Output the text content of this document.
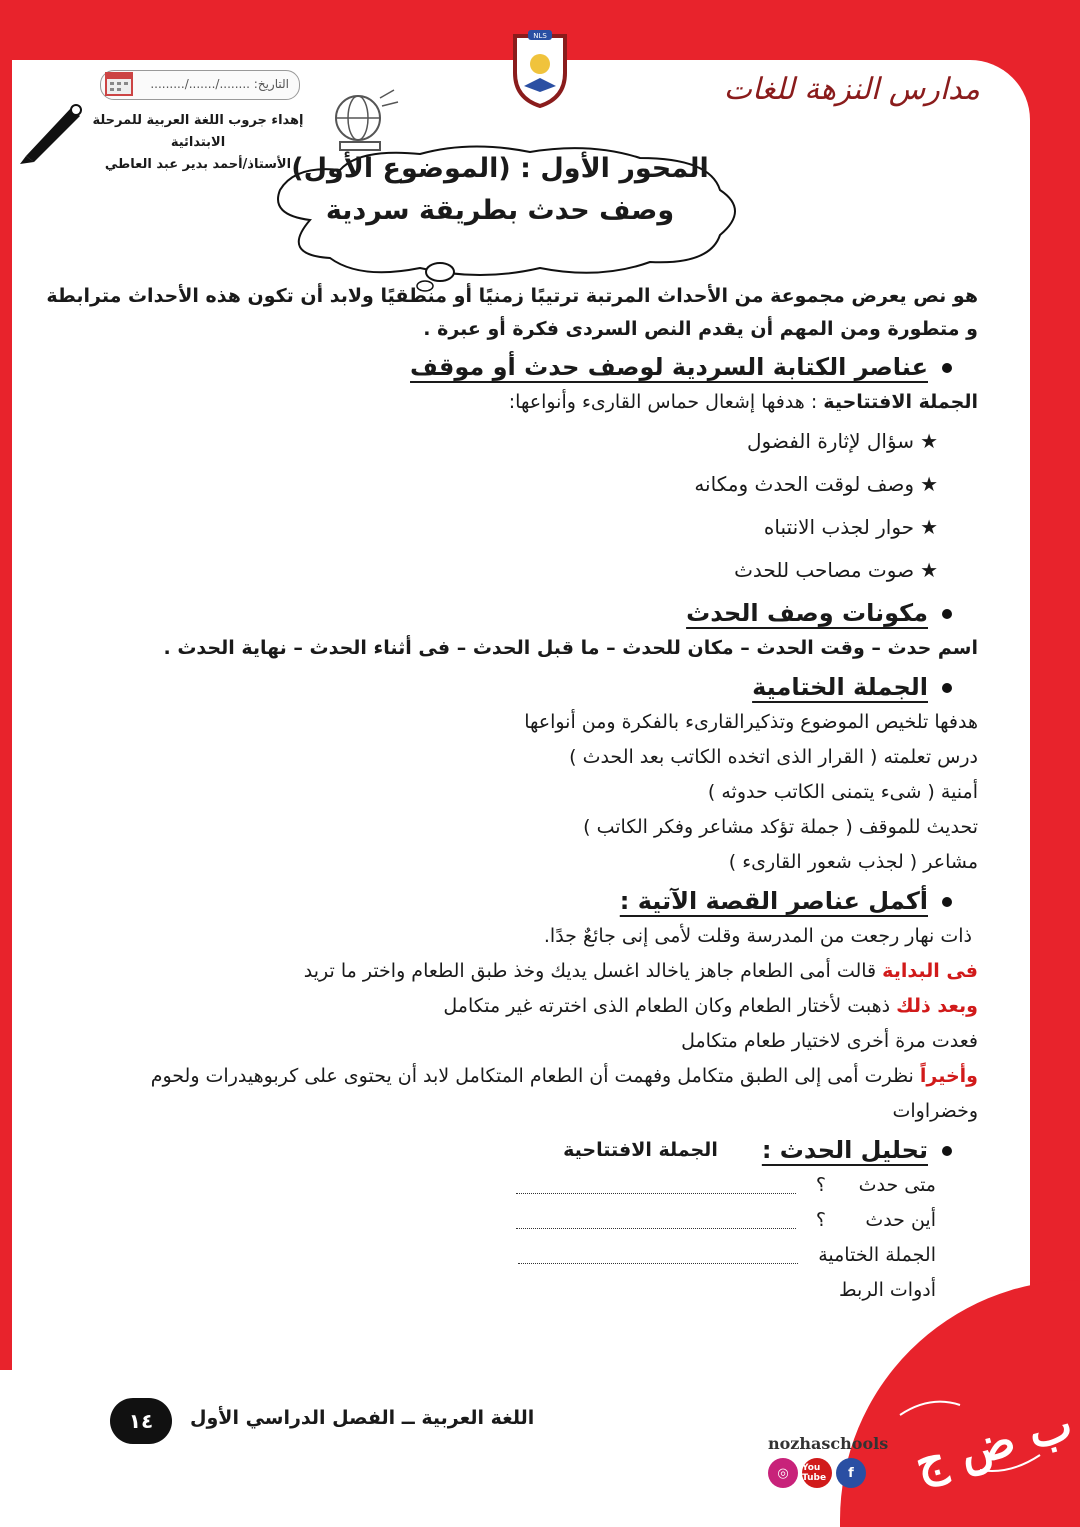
NLS
مدارس النزهة للغات
التاريخ: ......../......./.........
إهداء جروب اللغة العربية للمرحلة الابتدائية
الأستاذ/أحمد بدير عبد العاطي المحور الأول : (الموضوع الأول)
وصف حدث بطريقة سردية
هو نص يعرض مجموعة من الأحداث المرتبة ترتيبًا زمنيًا أو منطقيًا ولابد أن تكون هذه الأحداث مترابطة
و متطورة ومن المهم أن يقدم النص السردى فكرة أو عبرة .
عناصر الكتابة السردية لوصف حدث أو موقف
الجملة الافتتاحية : هدفها إشعال حماس القارىء وأنواعها:
★سؤال لإثارة الفضول
★وصف لوقت الحدث ومكانه
★حوار لجذب الانتباه
★صوت مصاحب للحدث
مكونات وصف الحدث
اسم حدث – وقت الحدث – مكان للحدث – ما قبل الحدث – فى أثناء الحدث – نهاية الحدث .
الجملة الختامية
هدفها تلخيص الموضوع وتذكيرالقارىء بالفكرة ومن أنواعها
درس تعلمته ( القرار الذى اتخده الكاتب بعد الحدث )
أمنية ( شىء يتمنى الكاتب حدوثه )
تحديث للموقف ( جملة تؤكد مشاعر وفكر الكاتب )
مشاعر ( لجذب شعور القارىء )
أكمل عناصر القصة الآتية :
ذات نهار رجعت من المدرسة وقلت لأمى إنى جائعٌ جدًا.
فى البداية قالت أمى الطعام جاهز ياخالد اغسل يديك وخذ طبق الطعام واختر ما تريد
وبعد ذلك ذهبت لأختار الطعام وكان الطعام الذى اخترته غير متكامل
فعدت مرة أخرى لاختيار طعام متكامل
وأخيراً نظرت أمى إلى الطبق متكامل وفهمت أن الطعام المتكامل لابد أن يحتوى على كربوهيدرات ولحوم
وخضراوات
تحليل الحدث :
الجملة الافتتاحية
متى حدث
؟
أين حدث
؟
الجملة الختامية
أدوات الربط
اللغة العربية ــ الفصل الدراسي الأول
١٤
nozhaschools
◎	You Tube	f ب ض ج
